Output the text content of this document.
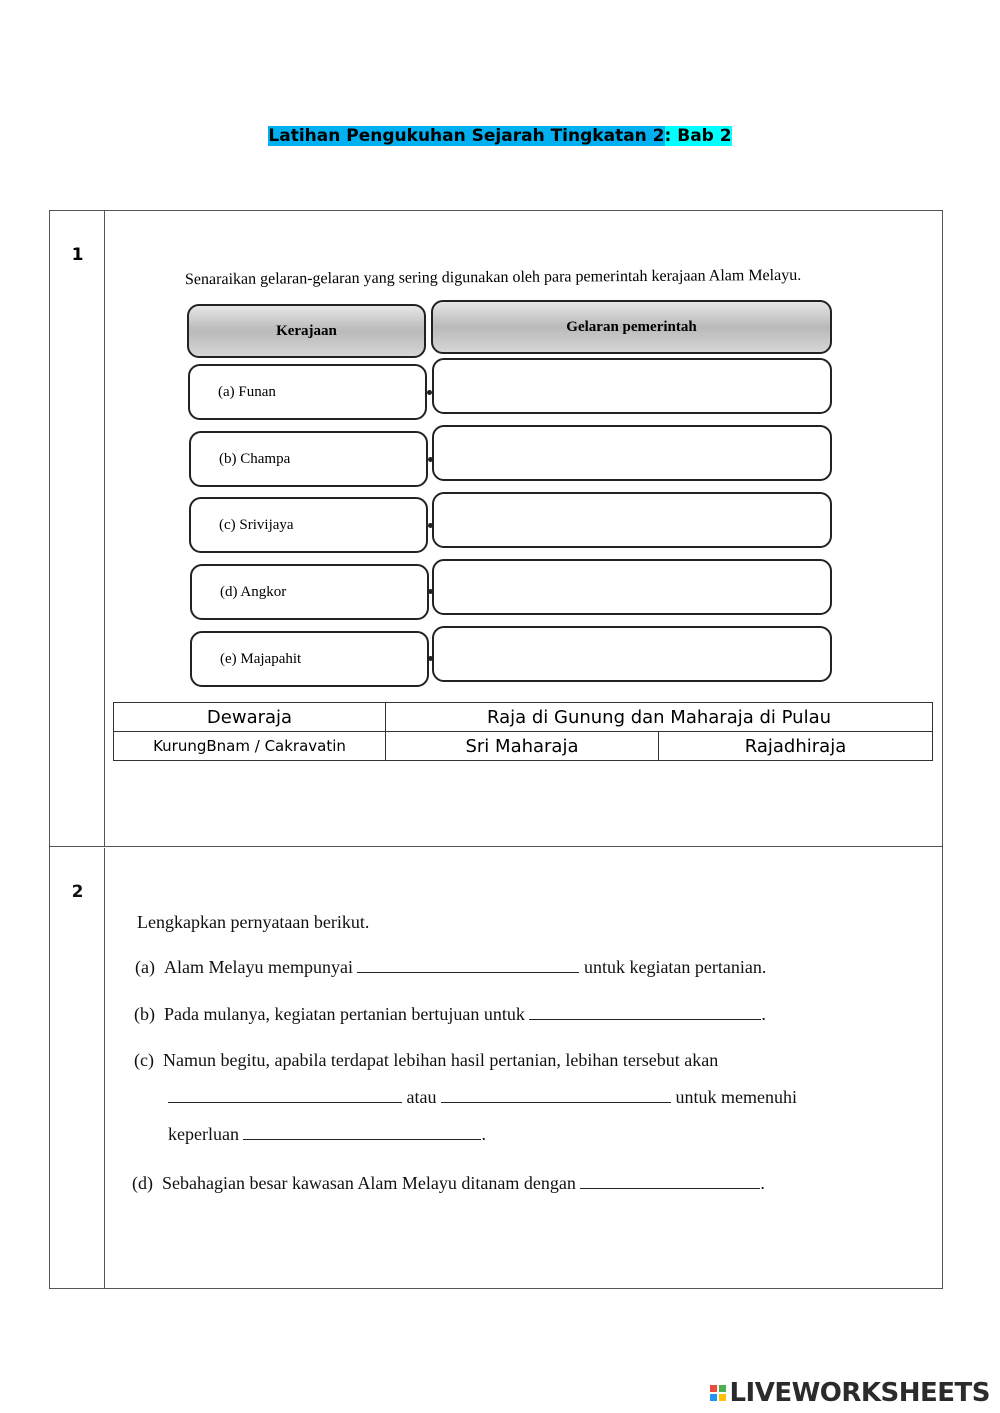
Latihan Pengukuhan Sejarah Tingkatan 2: Bab 2
1
Senaraikan gelaran-gelaran yang sering digunakan oleh para pemerintah kerajaan Alam Melayu.
Kerajaan	Gelaran pemerintah
(a) Funan
(b) Champa
(c) Srivijaya
(d) Angkor
(e) Majapahit
Dewaraja	Raja di Gunung dan Maharaja di Pulau	
KurungBnam / Cakravatin	Sri Maharaja	Rajadhiraja
2
Lengkapkan pernyataan berikut.
(a) Alam Melayu mempunyai	untuk kegiatan pertanian.
(b) Pada mulanya, kegiatan pertanian bertujuan untuk	.
(c) Namun begitu, apabila terdapat lebihan hasil pertanian, lebihan tersebut akan
atau	untuk memenuhi
keperluan	.
(d) Sebahagian besar kawasan Alam Melayu ditanam dengan	.
LIVEWORKSHEETS
